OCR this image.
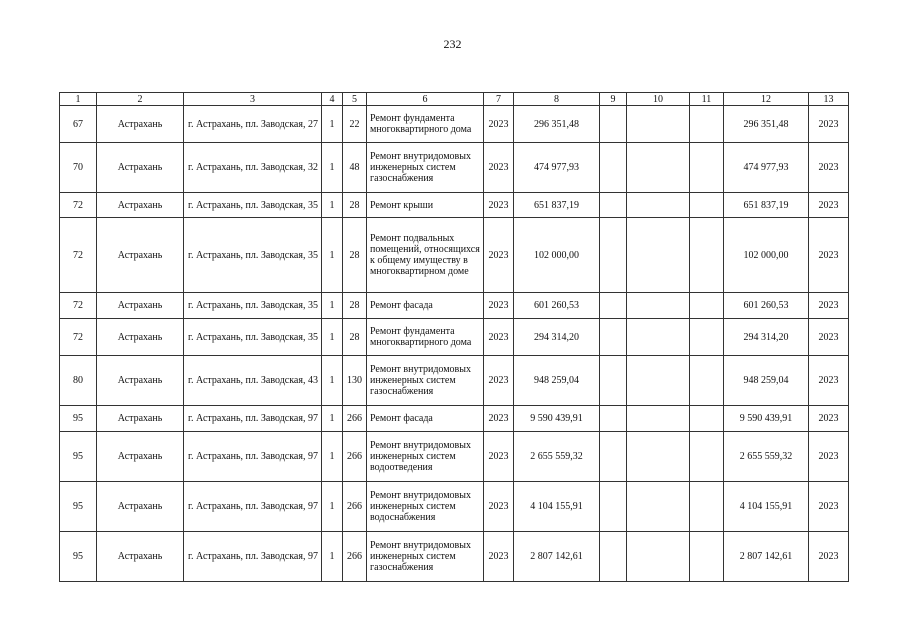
232
1	2	3	4	5	6	7	8	9	10	11	12	13
67	Астрахань	г. Астрахань, пл. Заводская, 27	1	22	Ремонт фундамента многоквартирного дома	2023	296 351,48				296 351,48	2023
70	Астрахань	г. Астрахань, пл. Заводская, 32	1	48	Ремонт внутридомовых инженерных систем газоснабжения	2023	474 977,93				474 977,93	2023
72	Астрахань	г. Астрахань, пл. Заводская, 35	1	28	Ремонт крыши	2023	651 837,19				651 837,19	2023
72	Астрахань	г. Астрахань, пл. Заводская, 35	1	28	Ремонт подвальных помещений, относящихся к общему имуществу в многоквартирном доме	2023	102 000,00				102 000,00	2023
72	Астрахань	г. Астрахань, пл. Заводская, 35	1	28	Ремонт фасада	2023	601 260,53				601 260,53	2023
72	Астрахань	г. Астрахань, пл. Заводская, 35	1	28	Ремонт фундамента многоквартирного дома	2023	294 314,20				294 314,20	2023
80	Астрахань	г. Астрахань, пл. Заводская, 43	1	130	Ремонт внутридомовых инженерных систем газоснабжения	2023	948 259,04				948 259,04	2023
95	Астрахань	г. Астрахань, пл. Заводская, 97	1	266	Ремонт фасада	2023	9 590 439,91				9 590 439,91	2023
95	Астрахань	г. Астрахань, пл. Заводская, 97	1	266	Ремонт внутридомовых инженерных систем водоотведения	2023	2 655 559,32				2 655 559,32	2023
95	Астрахань	г. Астрахань, пл. Заводская, 97	1	266	Ремонт внутридомовых инженерных систем водоснабжения	2023	4 104 155,91				4 104 155,91	2023
95	Астрахань	г. Астрахань, пл. Заводская, 97	1	266	Ремонт внутридомовых инженерных систем газоснабжения	2023	2 807 142,61				2 807 142,61	2023
